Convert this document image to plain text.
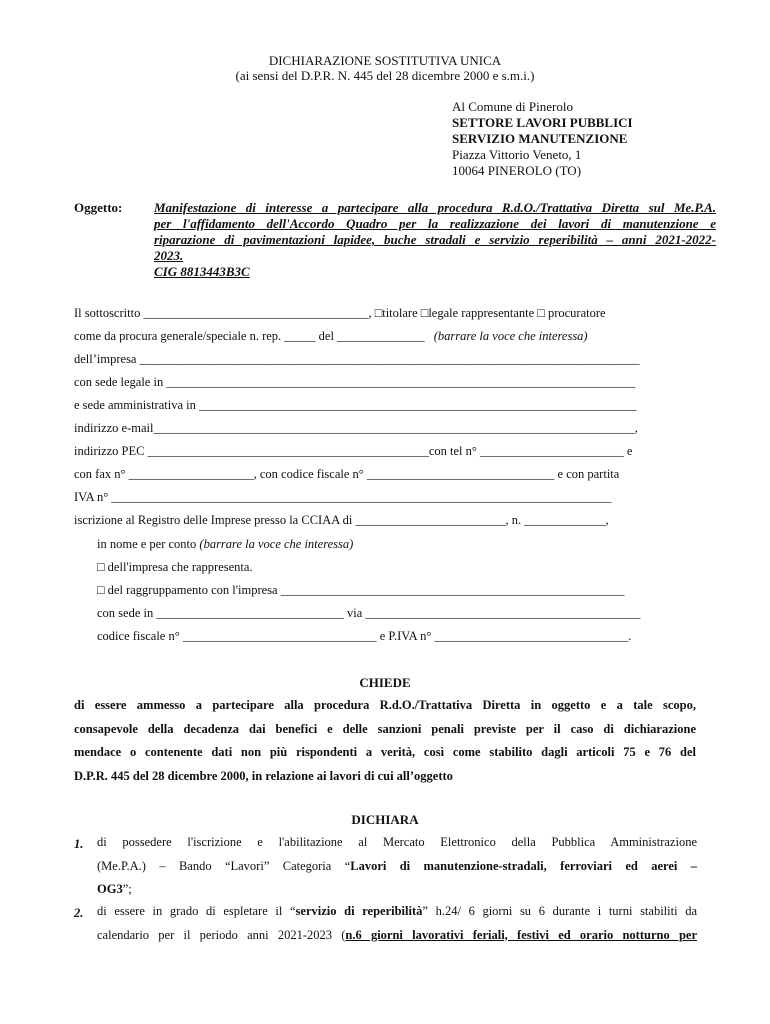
DICHIARAZIONE SOSTITUTIVA UNICA
(ai sensi del D.P.R. N. 445 del 28 dicembre 2000 e s.m.i.)
Al Comune di Pinerolo
SETTORE LAVORI PUBBLICI
SERVIZIO MANUTENZIONE
Piazza Vittorio Veneto, 1
10064 PINEROLO (TO)
Oggetto: Manifestazione di interesse a partecipare alla procedura R.d.O./Trattativa Diretta sul Me.P.A.
per l'affidamento dell'Accordo Quadro per la realizzazione dei lavori di manutenzione e
riparazione di pavimentazioni lapidee, buche stradali e servizio reperibilità – anni 2021-2022-
2023.
CIG 8813443B3C
Il sottoscritto ____________________________________, □titolare □legale rappresentante □ procuratore
come da procura generale/speciale n. rep. _____ del ______________ (barrare la voce che interessa)
dell’impresa ________________________________________________________________________________
con sede legale in ___________________________________________________________________________
e sede amministrativa in ______________________________________________________________________
indirizzo e-mail_____________________________________________________________________________,
indirizzo PEC _____________________________________________con tel n° _______________________ e
con fax n° ____________________, con codice fiscale n° ______________________________ e con partita
IVA n° ________________________________________________________________________________
iscrizione al Registro delle Imprese presso la CCIAA di ________________________, n. _____________,
in nome e per conto (barrare la voce che interessa)
□ dell'impresa che rappresenta.
□ del raggruppamento con l'impresa _______________________________________________________
con sede in ______________________________ via ____________________________________________
codice fiscale n° _______________________________ e P.IVA n° _______________________________.
CHIEDE
di essere ammesso a partecipare alla procedura R.d.O./Trattativa Diretta in oggetto e a tale scopo,
consapevole della decadenza dai benefici e delle sanzioni penali previste per il caso di dichiarazione
mendace o contenente dati non più rispondenti a verità, così come stabilito dagli articoli 75 e 76 del
D.P.R. 445 del 28 dicembre 2000, in relazione ai lavori di cui all’oggetto
DICHIARA
1. di possedere l'iscrizione e l'abilitazione al Mercato Elettronico della Pubblica Amministrazione
(Me.P.A.) – Bando “Lavori” Categoria “Lavori di manutenzione-stradali, ferroviari ed aerei –
OG3”;
2. di essere in grado di espletare il “servizio di reperibilità” h.24/ 6 giorni su 6 durante i turni stabiliti da
calendario per il periodo anni 2021-2023 (n.6 giorni lavorativi feriali, festivi ed orario notturno per
